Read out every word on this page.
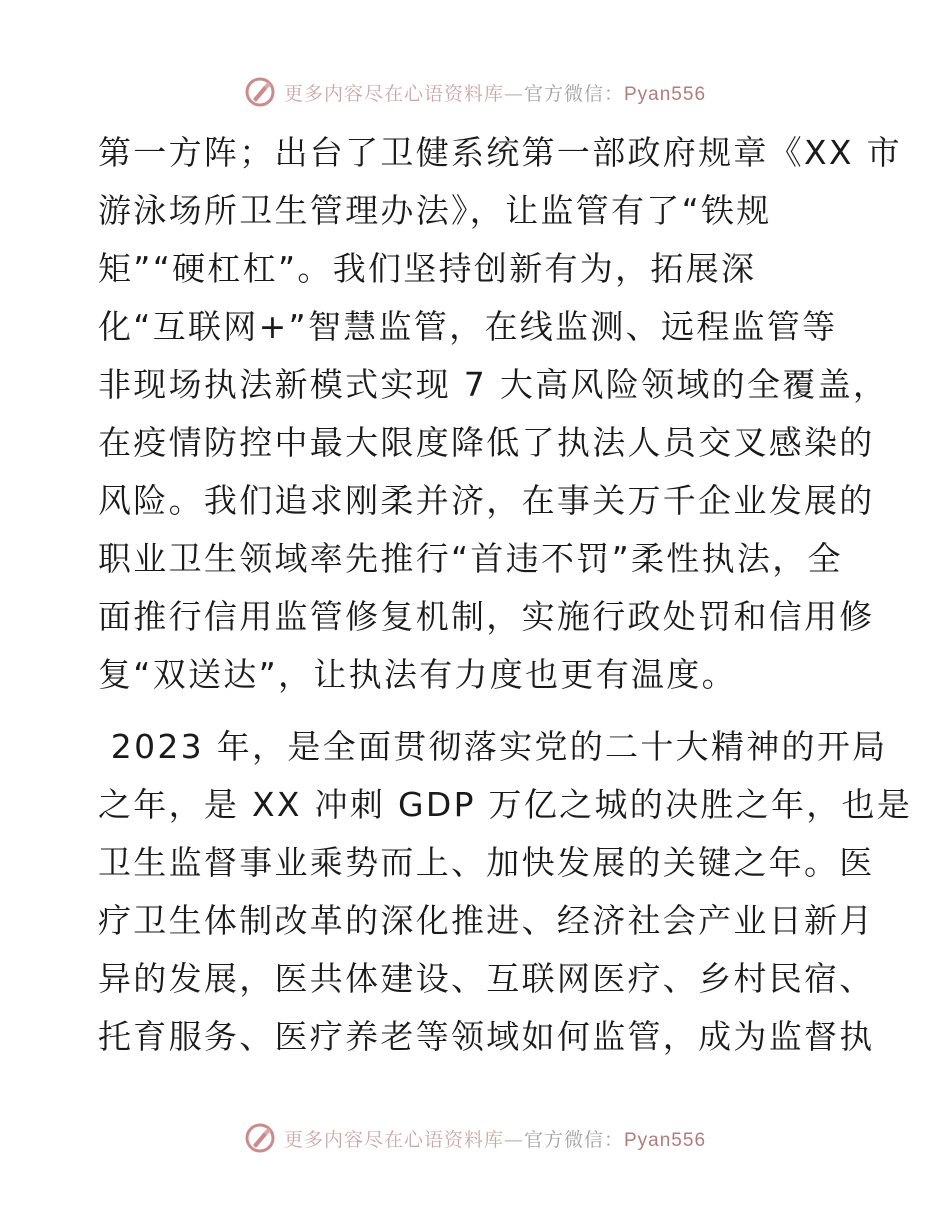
更多内容尽在心语资料库—官方微信：Pyan556
第一方阵；出台了卫健系统第一部政府规章《XX 市
游泳场所卫生管理办法》，让监管有了“铁规
矩”“硬杠杠”。我们坚持创新有为，拓展深
化“互联网+”智慧监管，在线监测、远程监管等
非现场执法新模式实现 7 大高风险领域的全覆盖，
在疫情防控中最大限度降低了执法人员交叉感染的
风险。我们追求刚柔并济，在事关万千企业发展的
职业卫生领域率先推行“首违不罚”柔性执法，全
面推行信用监管修复机制，实施行政处罚和信用修
复“双送达”，让执法有力度也更有温度。
2023 年，是全面贯彻落实党的二十大精神的开局
之年，是 XX 冲刺 GDP 万亿之城的决胜之年，也是
卫生监督事业乘势而上、加快发展的关键之年。医
疗卫生体制改革的深化推进、经济社会产业日新月
异的发展，医共体建设、互联网医疗、乡村民宿、
托育服务、医疗养老等领域如何监管，成为监督执
更多内容尽在心语资料库—官方微信：Pyan556
